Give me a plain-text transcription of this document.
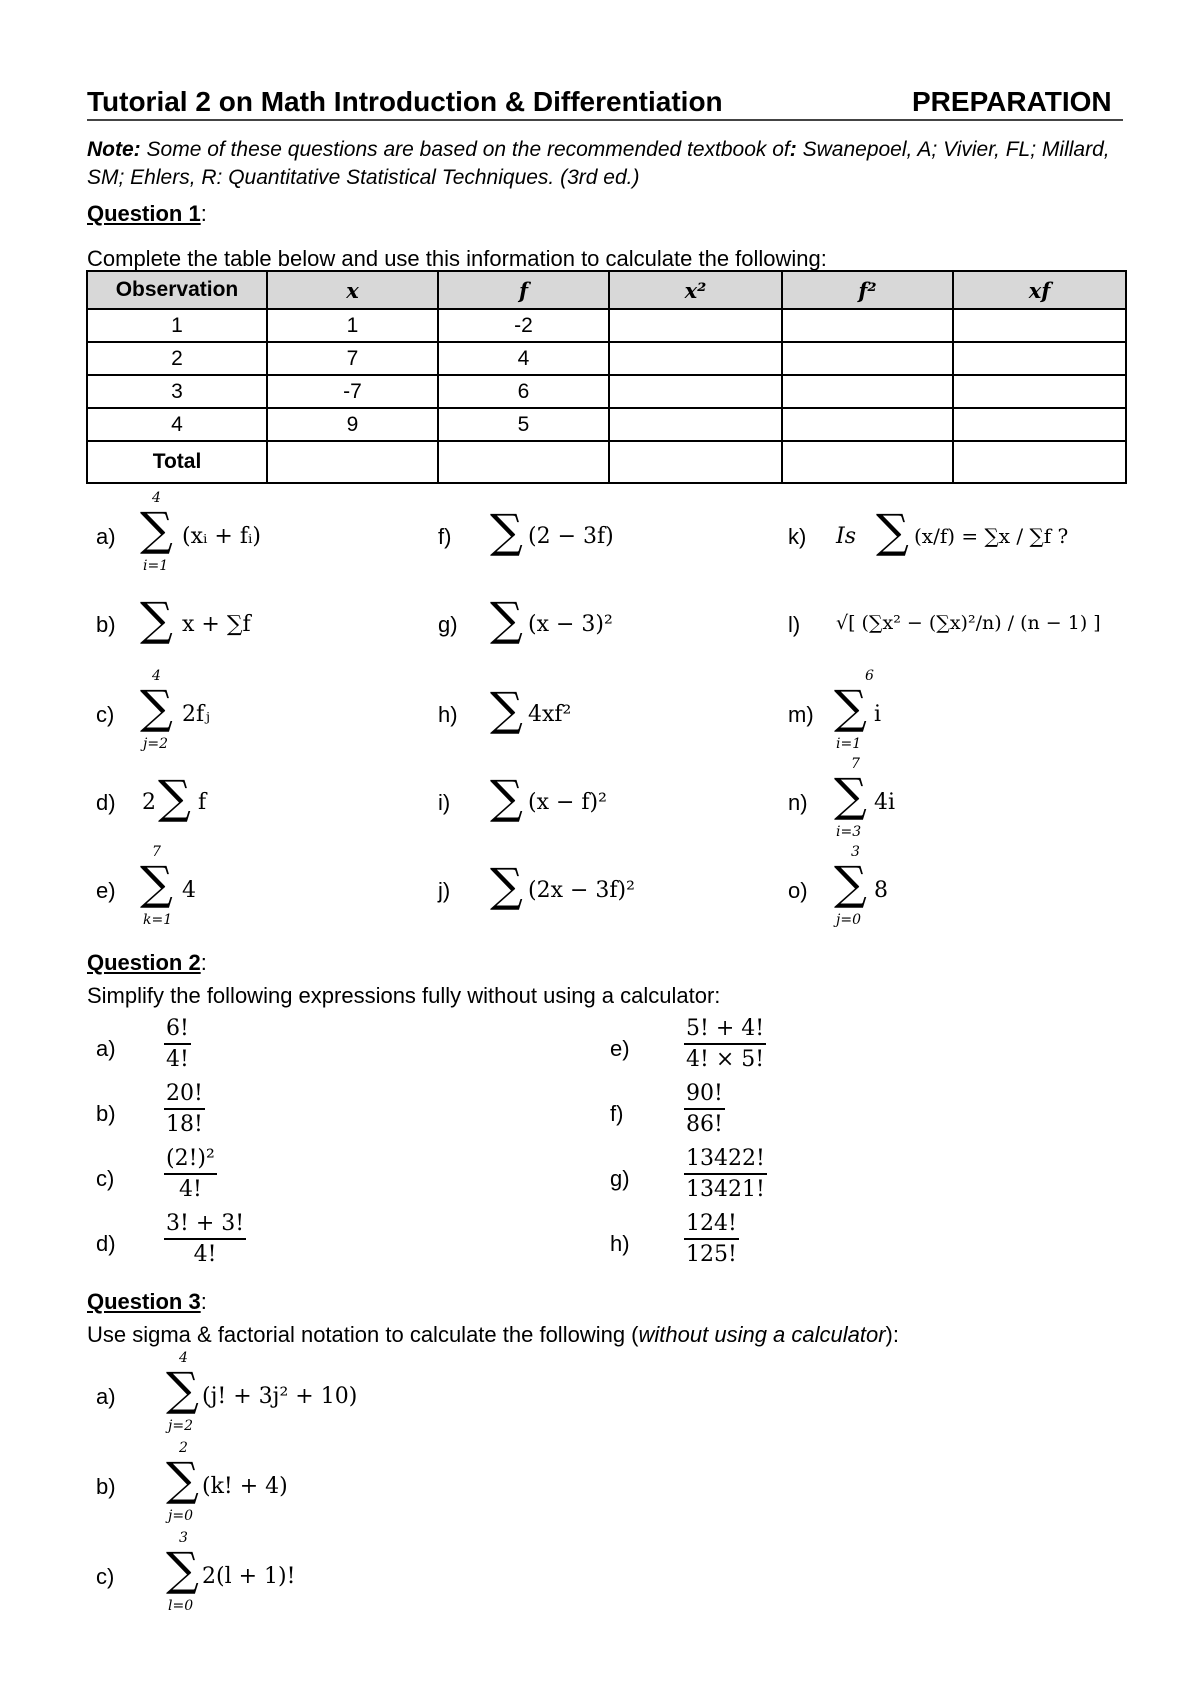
Tutorial 2 on Math Introduction & Differentiation	PREPARATION
Note: Some of these questions are based on the recommended textbook of: Swanepoel, A; Vivier, FL; Millard, SM; Ehlers, R: Quantitative Statistical Techniques. (3rd ed.)
Question 1:
Complete the table below and use this information to calculate the following:
Observation	x	f	x²	f²	xf
1	1	-2			
2	7	4			
3	-7	6			
4	9	5			
Total					
a)
4
∑
i=1
(xᵢ + fᵢ)
b) ∑ x + ∑f
c)
4
∑
j=2
2fⱼ
d) 2 ∑ f
e)
7
∑
k=1
4
f) ∑ (2 − 3f)
g) ∑ (x − 3)²
h) ∑ 4xf²
i) ∑ (x − f)²
j) ∑ (2x − 3f)²
k) Is ∑ (x/f) = ∑x / ∑f ?
l) √[ (∑x² − (∑x)²/n) / (n − 1) ]
m)
6
∑
i=1
i
n)
7
∑
i=3
4i
o)
3
∑
j=0
8
Question 2:
Simplify the following expressions fully without using a calculator:
$a) \frac{6!}{4!}$
$b) \frac{20!}{18!}$
$c) \frac{\text{(2!)²}}{4!}$
$d) \frac{3! + 3!}{4!}$
$e) \frac{5! + 4!}{4! \times 5!}$
f)	$\frac{90!}{86!}$
$g) \frac{13422!}{13421!}$
$h) \frac{124!}{125!}$
Question 3:
Use sigma & factorial notation to calculate the following (without using a calculator):
a)
4
∑
j=2
(j! + 3j² + 10)
b)
2
∑
j=0
(k! + 4)
c)
3
∑
l=0
2(l + 1)!
